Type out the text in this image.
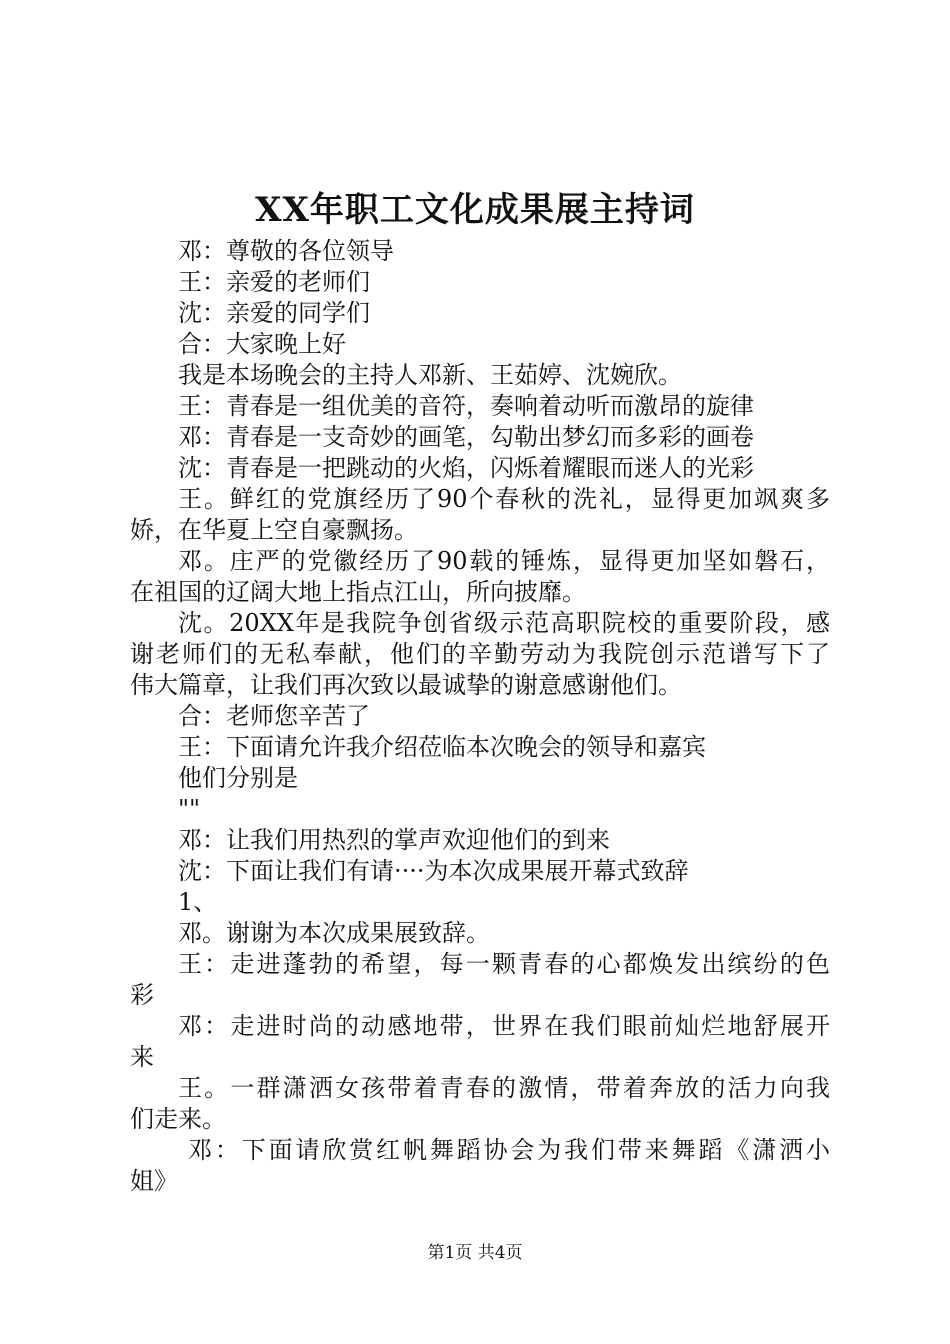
XX年职工文化成果展主持词
邓：尊敬的各位领导
王：亲爱的老师们
沈：亲爱的同学们
合：大家晚上好
我是本场晚会的主持人邓新、王茹婷、沈婉欣。
王：青春是一组优美的音符，奏响着动听而激昂的旋律
邓：青春是一支奇妙的画笔，勾勒出梦幻而多彩的画卷
沈：青春是一把跳动的火焰，闪烁着耀眼而迷人的光彩
王。鲜红的党旗经历了90个春秋的洗礼，显得更加飒爽多
娇，在华夏上空自豪飘扬。
邓。庄严的党徽经历了90载的锤炼，显得更加坚如磐石，
在祖国的辽阔大地上指点江山，所向披靡。
沈。20XX年是我院争创省级示范高职院校的重要阶段，感
谢老师们的无私奉献，他们的辛勤劳动为我院创示范谱写下了
伟大篇章，让我们再次致以最诚挚的谢意感谢他们。
合：老师您辛苦了
王：下面请允许我介绍莅临本次晚会的领导和嘉宾
他们分别是
""
邓：让我们用热烈的掌声欢迎他们的到来
沈：下面让我们有请····为本次成果展开幕式致辞
1、
邓。谢谢为本次成果展致辞。
王：走进蓬勃的希望，每一颗青春的心都焕发出缤纷的色
彩
邓：走进时尚的动感地带，世界在我们眼前灿烂地舒展开
来
王。一群潇洒女孩带着青春的激情，带着奔放的活力向我
们走来。
邓：下面请欣赏红帆舞蹈协会为我们带来舞蹈《潇洒小
姐》
第1页 共4页
